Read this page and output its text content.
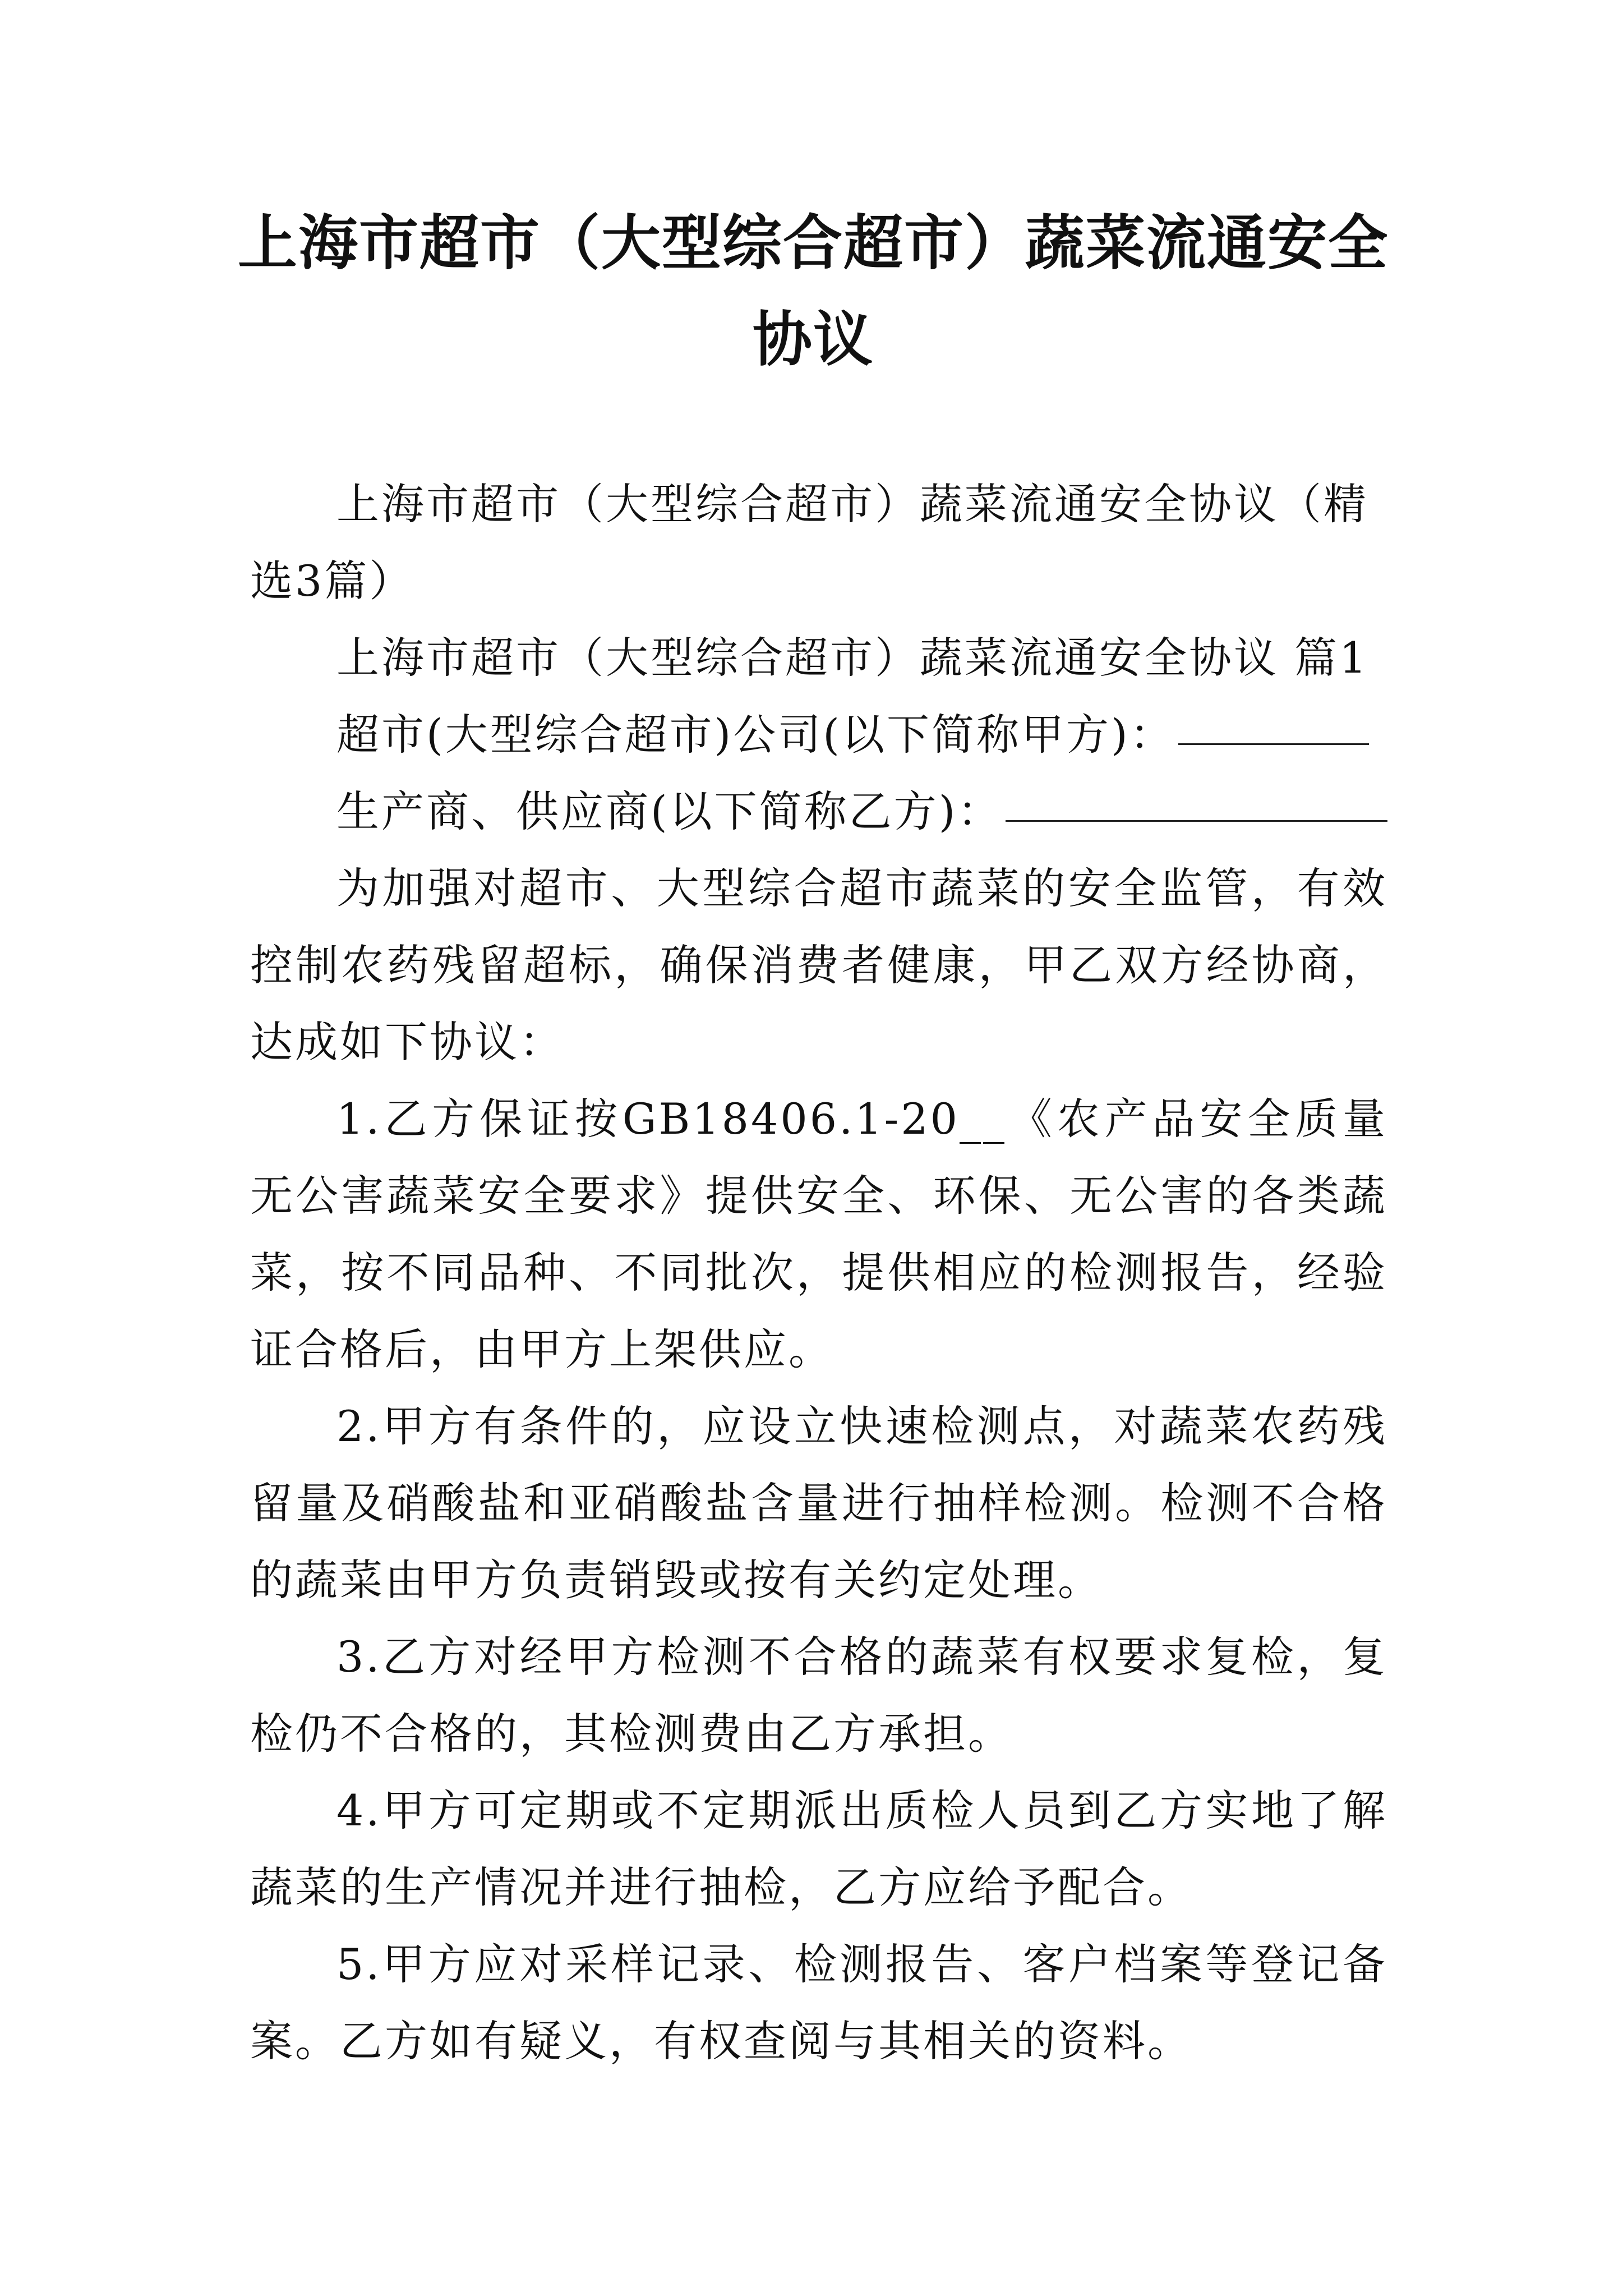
上海市超市（大型综合超市）蔬菜流通安全协议

上海市超市（大型综合超市）蔬菜流通安全协议（精选3篇）

上海市超市（大型综合超市）蔬菜流通安全协议 篇1

超市(大型综合超市)公司(以下简称甲方)：

生产商、供应商(以下简称乙方)：

为加强对超市、大型综合超市蔬菜的安全监管，有效控制农药残留超标，确保消费者健康，甲乙双方经协商，达成如下协议：

1.乙方保证按GB18406.1-20__《农产品安全质量无公害蔬菜安全要求》提供安全、环保、无公害的各类蔬菜，按不同品种、不同批次，提供相应的检测报告，经验证合格后，由甲方上架供应。

2.甲方有条件的，应设立快速检测点，对蔬菜农药残留量及硝酸盐和亚硝酸盐含量进行抽样检测。检测不合格的蔬菜由甲方负责销毁或按有关约定处理。

3.乙方对经甲方检测不合格的蔬菜有权要求复检，复检仍不合格的，其检测费由乙方承担。

4.甲方可定期或不定期派出质检人员到乙方实地了解蔬菜的生产情况并进行抽检，乙方应给予配合。

5.甲方应对采样记录、检测报告、客户档案等登记备案。乙方如有疑义，有权查阅与其相关的资料。
